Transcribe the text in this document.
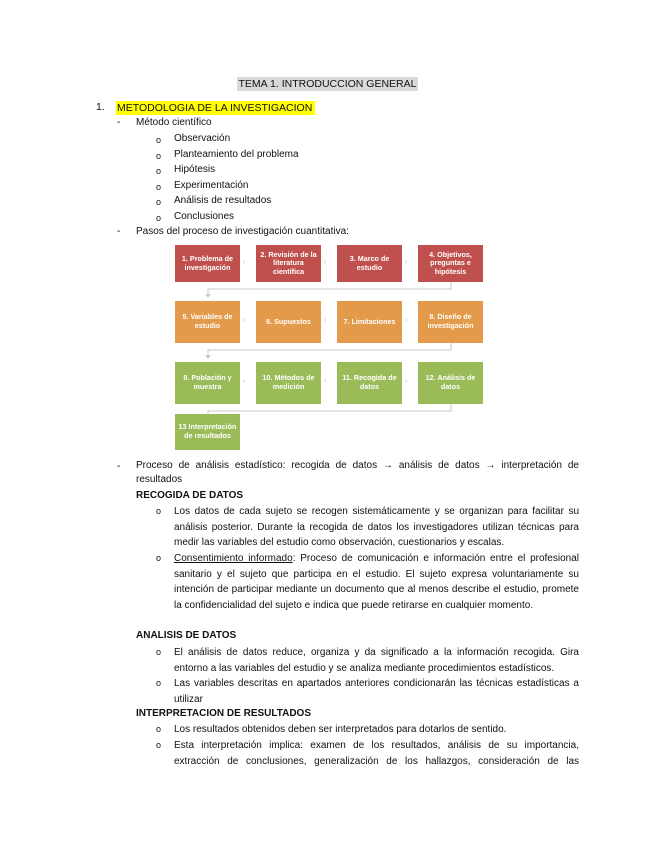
TEMA 1. INTRODUCCION GENERAL
1. METODOLOGIA DE LA INVESTIGACION
- Método científico
o Observación
o Planteamiento del problema
o Hipótesis
o Experimentación
o Análisis de resultados
o Conclusiones
- Pasos del proceso de investigación cuantitativa:
1. Problema de investigación
›
2. Revisión de la literatura científica
›	3. Marco de estudio
›
4. Objetivos, preguntas e hipótesis
5. Variables de estudio
›	6. Supuestos	›	7. Limitaciones	›	8. Diseño de investigación
9. Población y muestra
›	10. Métodos de medición
›	11. Recogida de datos
›	12. Análisis de datos
13 Interpretación de resultados
- Proceso de análisis estadístico: recogida de datos → análisis de datos → interpretación de
resultados
RECOGIDA DE DATOS
o Los datos de cada sujeto se recogen sistemáticamente y se organizan para facilitar su análisis posterior. Durante la recogida de datos los investigadores utilizan técnicas para medir las variables del estudio como observación, cuestionarios y escalas.
o Consentimiento informado: Proceso de comunicación e información entre el profesional sanitario y el sujeto que participa en el estudio. El sujeto expresa voluntariamente su intención de participar mediante un documento que al menos describe el estudio, promete la confidencialidad del sujeto e indica que puede retirarse en cualquier momento.
ANALISIS DE DATOS
o El análisis de datos reduce, organiza y da significado a la información recogida. Gira entorno a las variables del estudio y se analiza mediante procedimientos estadísticos.
o Las variables descritas en apartados anteriores condicionarán las técnicas estadísticas a utilizar
INTERPRETACION DE RESULTADOS
o Los resultados obtenidos deben ser interpretados para dotarlos de sentido.
o Esta interpretación implica: examen de los resultados, análisis de su importancia, extracción de conclusiones, generalización de los hallazgos, consideración de las
